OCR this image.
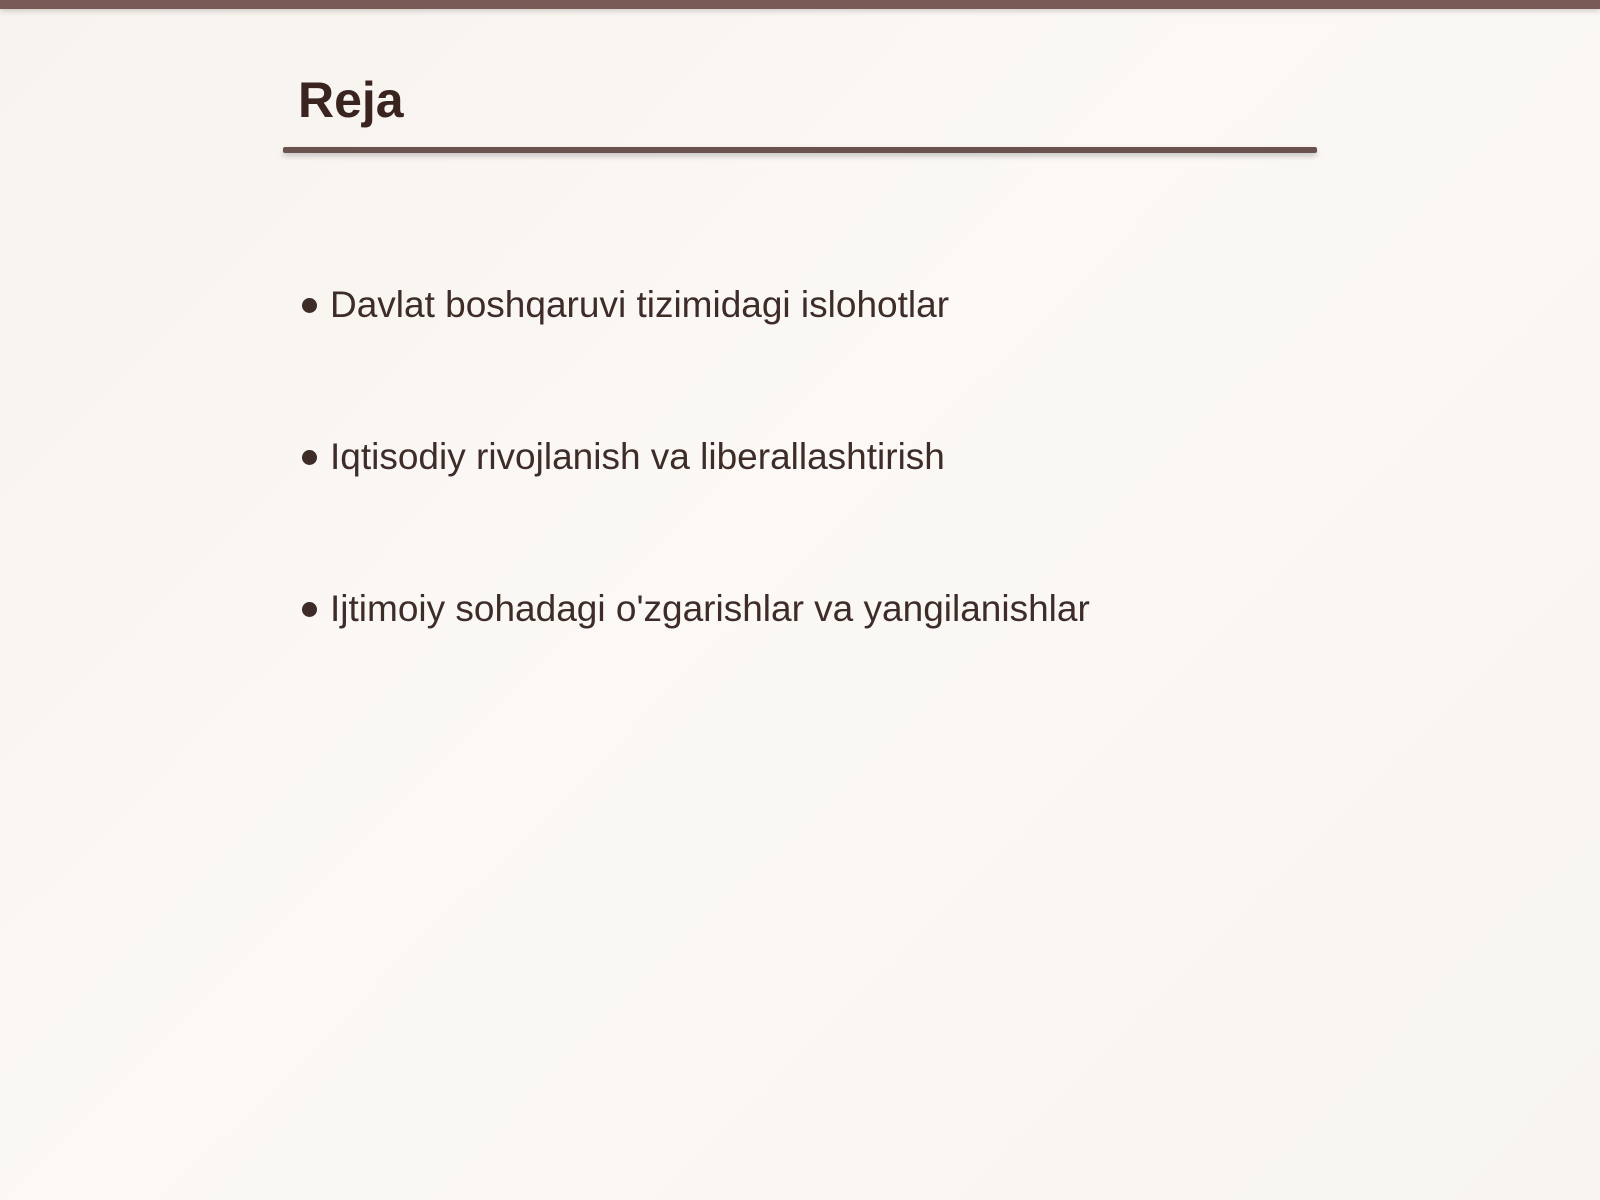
Reja
Davlat boshqaruvi tizimidagi islohotlar
Iqtisodiy rivojlanish va liberallashtirish
Ijtimoiy sohadagi o'zgarishlar va yangilanishlar
